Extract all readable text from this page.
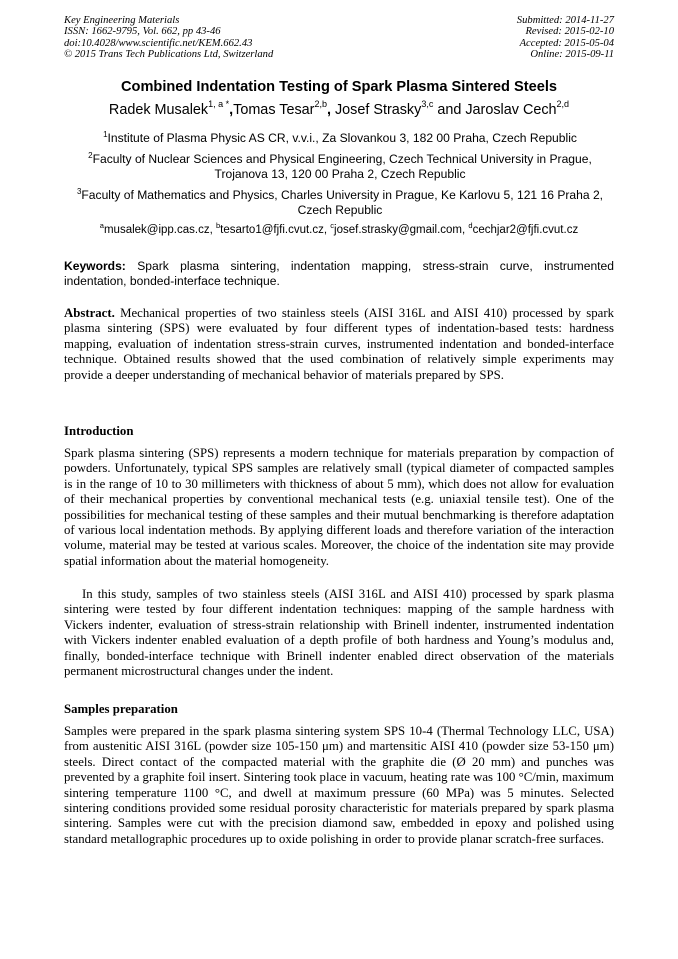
Key Engineering Materials
ISSN: 1662-9795, Vol. 662, pp 43-46
doi:10.4028/www.scientific.net/KEM.662.43
© 2015 Trans Tech Publications Ltd, Switzerland
Submitted: 2014-11-27
Revised: 2015-02-10
Accepted: 2015-05-04
Online: 2015-09-11
Combined Indentation Testing of Spark Plasma Sintered Steels
Radek Musalek$^{1, a *}$,Tomas Tesar$^{2,b}$, Josef Strasky$^{3,c}$ and Jaroslav Cech$^{2,d}$
$^1$Institute of Plasma Physic AS CR, v.v.i., Za Slovankou 3, 182 00 Praha, Czech Republic
$^2$Faculty of Nuclear Sciences and Physical Engineering, Czech Technical University in Prague, Trojanova 13, 120 00 Praha 2, Czech Republic
$^3$Faculty of Mathematics and Physics, Charles University in Prague, Ke Karlovu 5, 121 16 Praha 2, Czech Republic
$^a$musalek@ipp.cas.cz, $^b$tesarto1@fjfi.cvut.cz, $^c$josef.strasky@gmail.com, $^d$cechjar2@fjfi.cvut.cz
Keywords: Spark plasma sintering, indentation mapping, stress-strain curve, instrumented indentation, bonded-interface technique.
Abstract. Mechanical properties of two stainless steels (AISI 316L and AISI 410) processed by spark plasma sintering (SPS) were evaluated by four different types of indentation-based tests: hardness mapping, evaluation of indentation stress-strain curves, instrumented indentation and bonded-interface technique. Obtained results showed that the used combination of relatively simple experiments may provide a deeper understanding of mechanical behavior of materials prepared by SPS.
Introduction

Spark plasma sintering (SPS) represents a modern technique for materials preparation by compaction of powders. Unfortunately, typical SPS samples are relatively small (typical diameter of compacted samples is in the range of 10 to 30 millimeters with thickness of about 5 mm), which does not allow for evaluation of their mechanical properties by conventional mechanical tests (e.g. uniaxial tensile test). One of the possibilities for mechanical testing of these samples and their mutual benchmarking is therefore adaptation of various local indentation methods. By applying different loads and therefore variation of the interaction volume, material may be tested at various scales. Moreover, the choice of the indentation site may provide spatial information about the material homogeneity.

In this study, samples of two stainless steels (AISI 316L and AISI 410) processed by spark plasma sintering were tested by four different indentation techniques: mapping of the sample hardness with Vickers indenter, evaluation of stress-strain relationship with Brinell indenter, instrumented indentation with Vickers indenter enabled evaluation of a depth profile of both hardness and Young’s modulus and, finally, bonded-interface technique with Brinell indenter enabled direct observation of the materials permanent microstructural changes under the indent.

Samples preparation

Samples were prepared in the spark plasma sintering system SPS 10-4 (Thermal Technology LLC, USA) from austenitic AISI 316L (powder size 105-150 μm) and martensitic AISI 410 (powder size 53-150 μm) steels. Direct contact of the compacted material with the graphite die (Ø 20 mm) and punches was prevented by a graphite foil insert. Sintering took place in vacuum, heating rate was 100 °C/min, maximum sintering temperature 1100 °C, and dwell at maximum pressure (60 MPa) was 5 minutes. Selected sintering conditions provided some residual porosity characteristic for materials prepared by spark plasma sintering. Samples were cut with the precision diamond saw, embedded in epoxy and polished using standard metallographic procedures up to oxide polishing in order to provide planar scratch-free surfaces.
